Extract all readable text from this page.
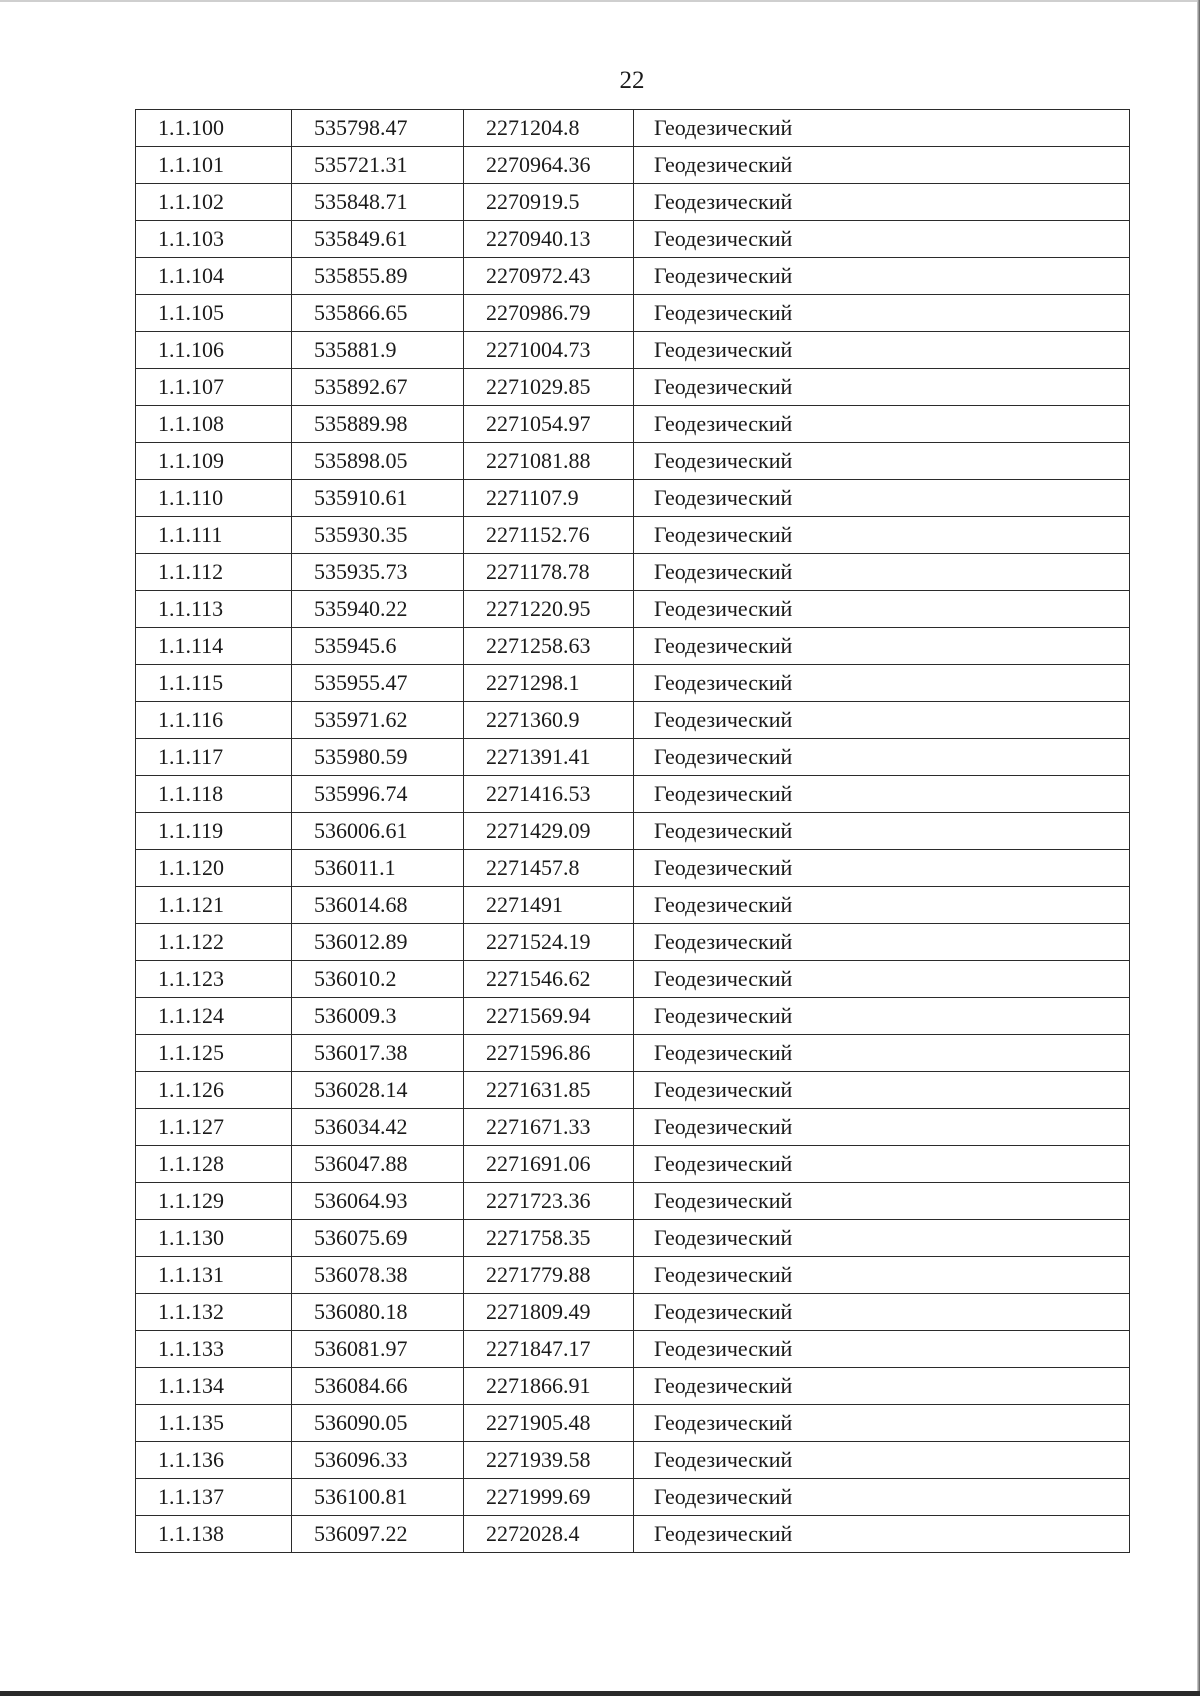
22
1.1.100	535798.47	2271204.8	Геодезический
1.1.101	535721.31	2270964.36	Геодезический
1.1.102	535848.71	2270919.5	Геодезический
1.1.103	535849.61	2270940.13	Геодезический
1.1.104	535855.89	2270972.43	Геодезический
1.1.105	535866.65	2270986.79	Геодезический
1.1.106	535881.9	2271004.73	Геодезический
1.1.107	535892.67	2271029.85	Геодезический
1.1.108	535889.98	2271054.97	Геодезический
1.1.109	535898.05	2271081.88	Геодезический
1.1.110	535910.61	2271107.9	Геодезический
1.1.111	535930.35	2271152.76	Геодезический
1.1.112	535935.73	2271178.78	Геодезический
1.1.113	535940.22	2271220.95	Геодезический
1.1.114	535945.6	2271258.63	Геодезический
1.1.115	535955.47	2271298.1	Геодезический
1.1.116	535971.62	2271360.9	Геодезический
1.1.117	535980.59	2271391.41	Геодезический
1.1.118	535996.74	2271416.53	Геодезический
1.1.119	536006.61	2271429.09	Геодезический
1.1.120	536011.1	2271457.8	Геодезический
1.1.121	536014.68	2271491	Геодезический
1.1.122	536012.89	2271524.19	Геодезический
1.1.123	536010.2	2271546.62	Геодезический
1.1.124	536009.3	2271569.94	Геодезический
1.1.125	536017.38	2271596.86	Геодезический
1.1.126	536028.14	2271631.85	Геодезический
1.1.127	536034.42	2271671.33	Геодезический
1.1.128	536047.88	2271691.06	Геодезический
1.1.129	536064.93	2271723.36	Геодезический
1.1.130	536075.69	2271758.35	Геодезический
1.1.131	536078.38	2271779.88	Геодезический
1.1.132	536080.18	2271809.49	Геодезический
1.1.133	536081.97	2271847.17	Геодезический
1.1.134	536084.66	2271866.91	Геодезический
1.1.135	536090.05	2271905.48	Геодезический
1.1.136	536096.33	2271939.58	Геодезический
1.1.137	536100.81	2271999.69	Геодезический
1.1.138	536097.22	2272028.4	Геодезический
